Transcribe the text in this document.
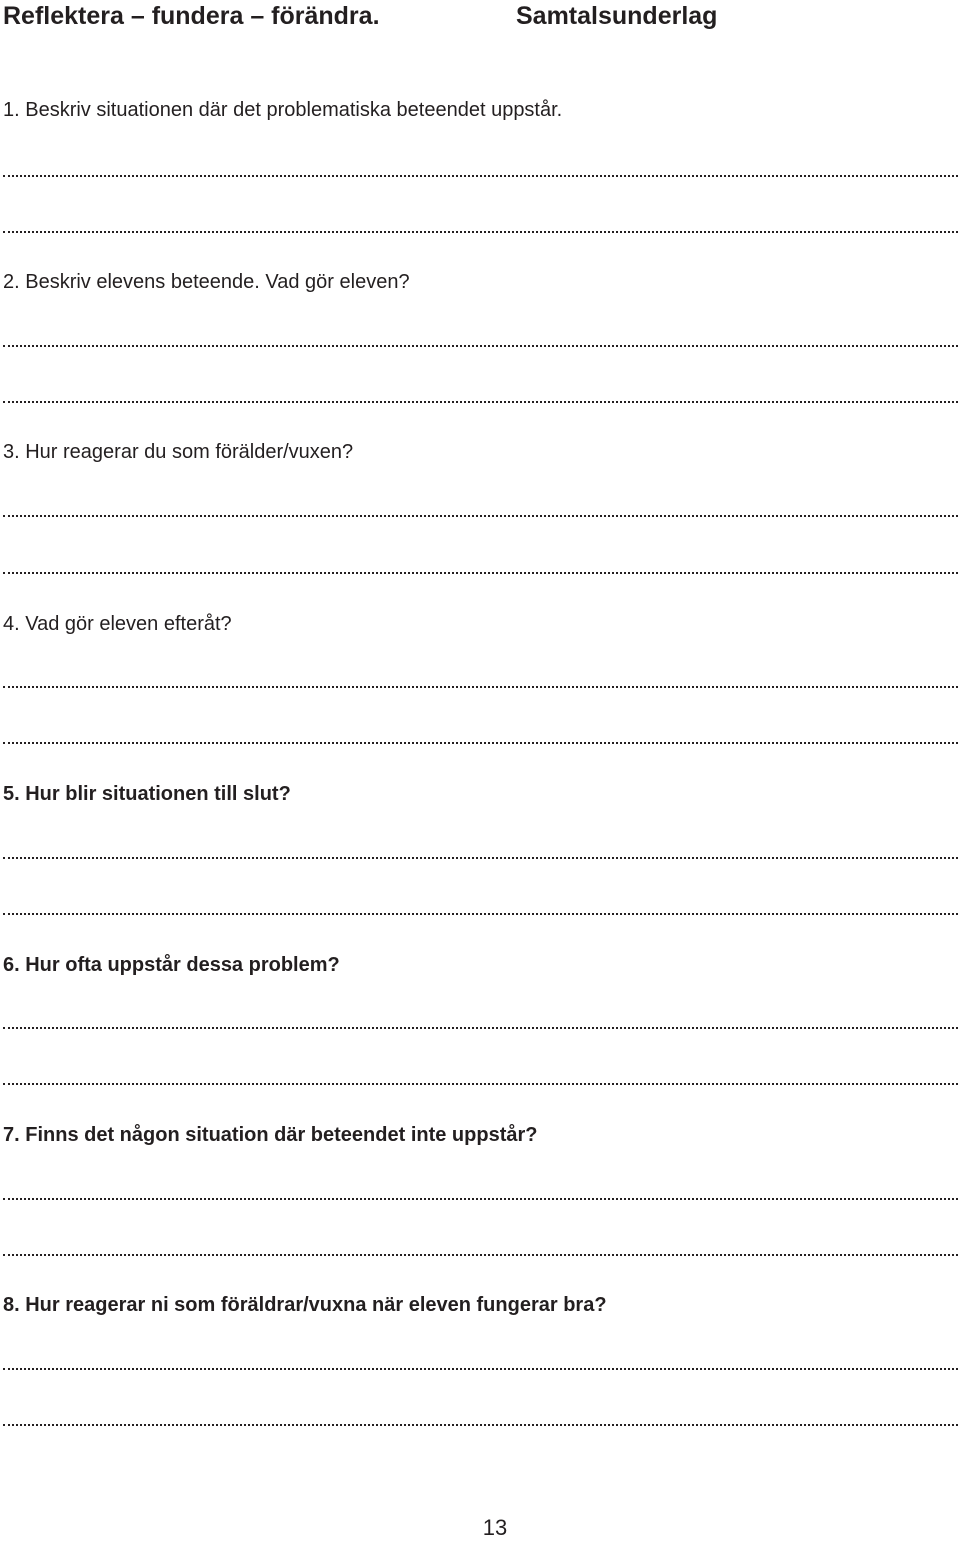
Reflektera – fundera – förändra.	Samtalsunderlag
1. Beskriv situationen där det problematiska beteendet uppstår.
2. Beskriv elevens beteende. Vad gör eleven?
3. Hur reagerar du som förälder/vuxen?
4. Vad gör eleven efteråt?
5. Hur blir situationen till slut?
6. Hur ofta uppstår dessa problem?
7. Finns det någon situation där beteendet inte uppstår?
8. Hur reagerar ni som föräldrar/vuxna när eleven fungerar bra?
13
